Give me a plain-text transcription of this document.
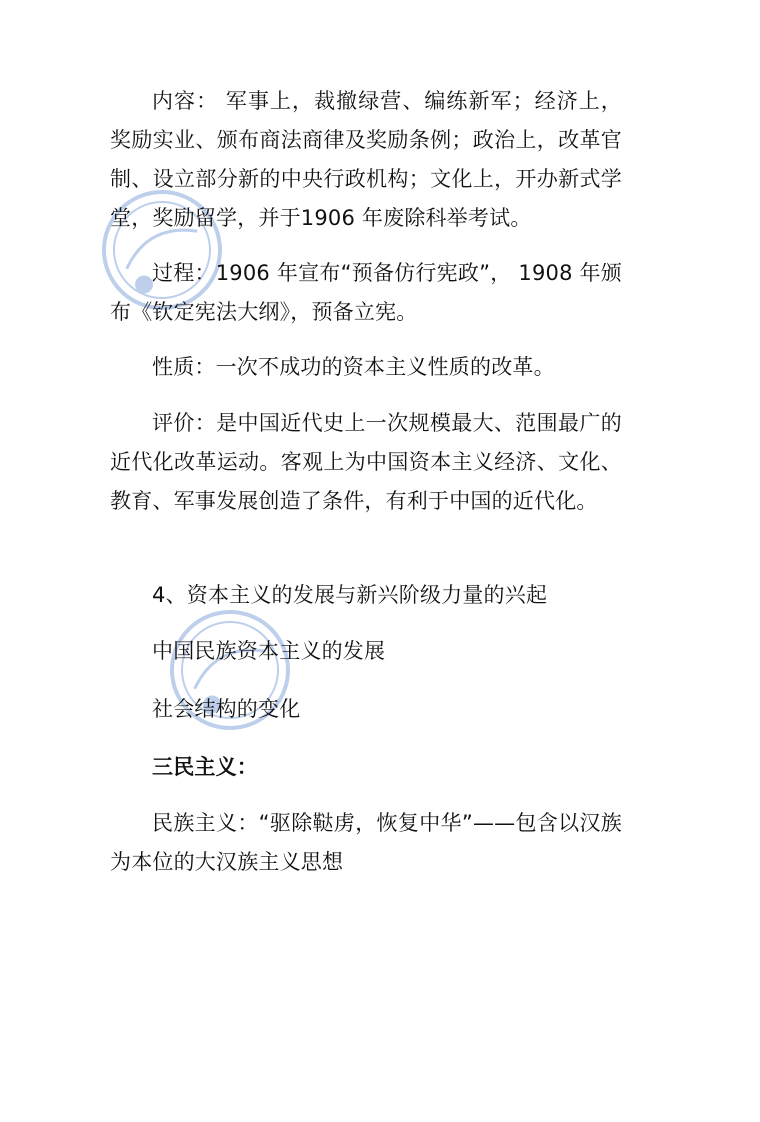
内容： 军事上，裁撤绿营、编练新军；经济上，奖励实业、颁布商法商律及奖励条例；政治上，改革官制、设立部分新的中央行政机构；文化上，开办新式学堂，奖励留学，并于1906 年废除科举考试。

过程：1906 年宣布“预备仿行宪政”， 1908 年颁布《钦定宪法大纲》，预备立宪。

性质：一次不成功的资本主义性质的改革。

评价：是中国近代史上一次规模最大、范围最广的近代化改革运动。客观上为中国资本主义经济、文化、教育、军事发展创造了条件，有利于中国的近代化。

4、资本主义的发展与新兴阶级力量的兴起

中国民族资本主义的发展

社会结构的变化

三民主义：

民族主义：“驱除鞑虏，恢复中华”——包含以汉族为本位的大汉族主义思想
